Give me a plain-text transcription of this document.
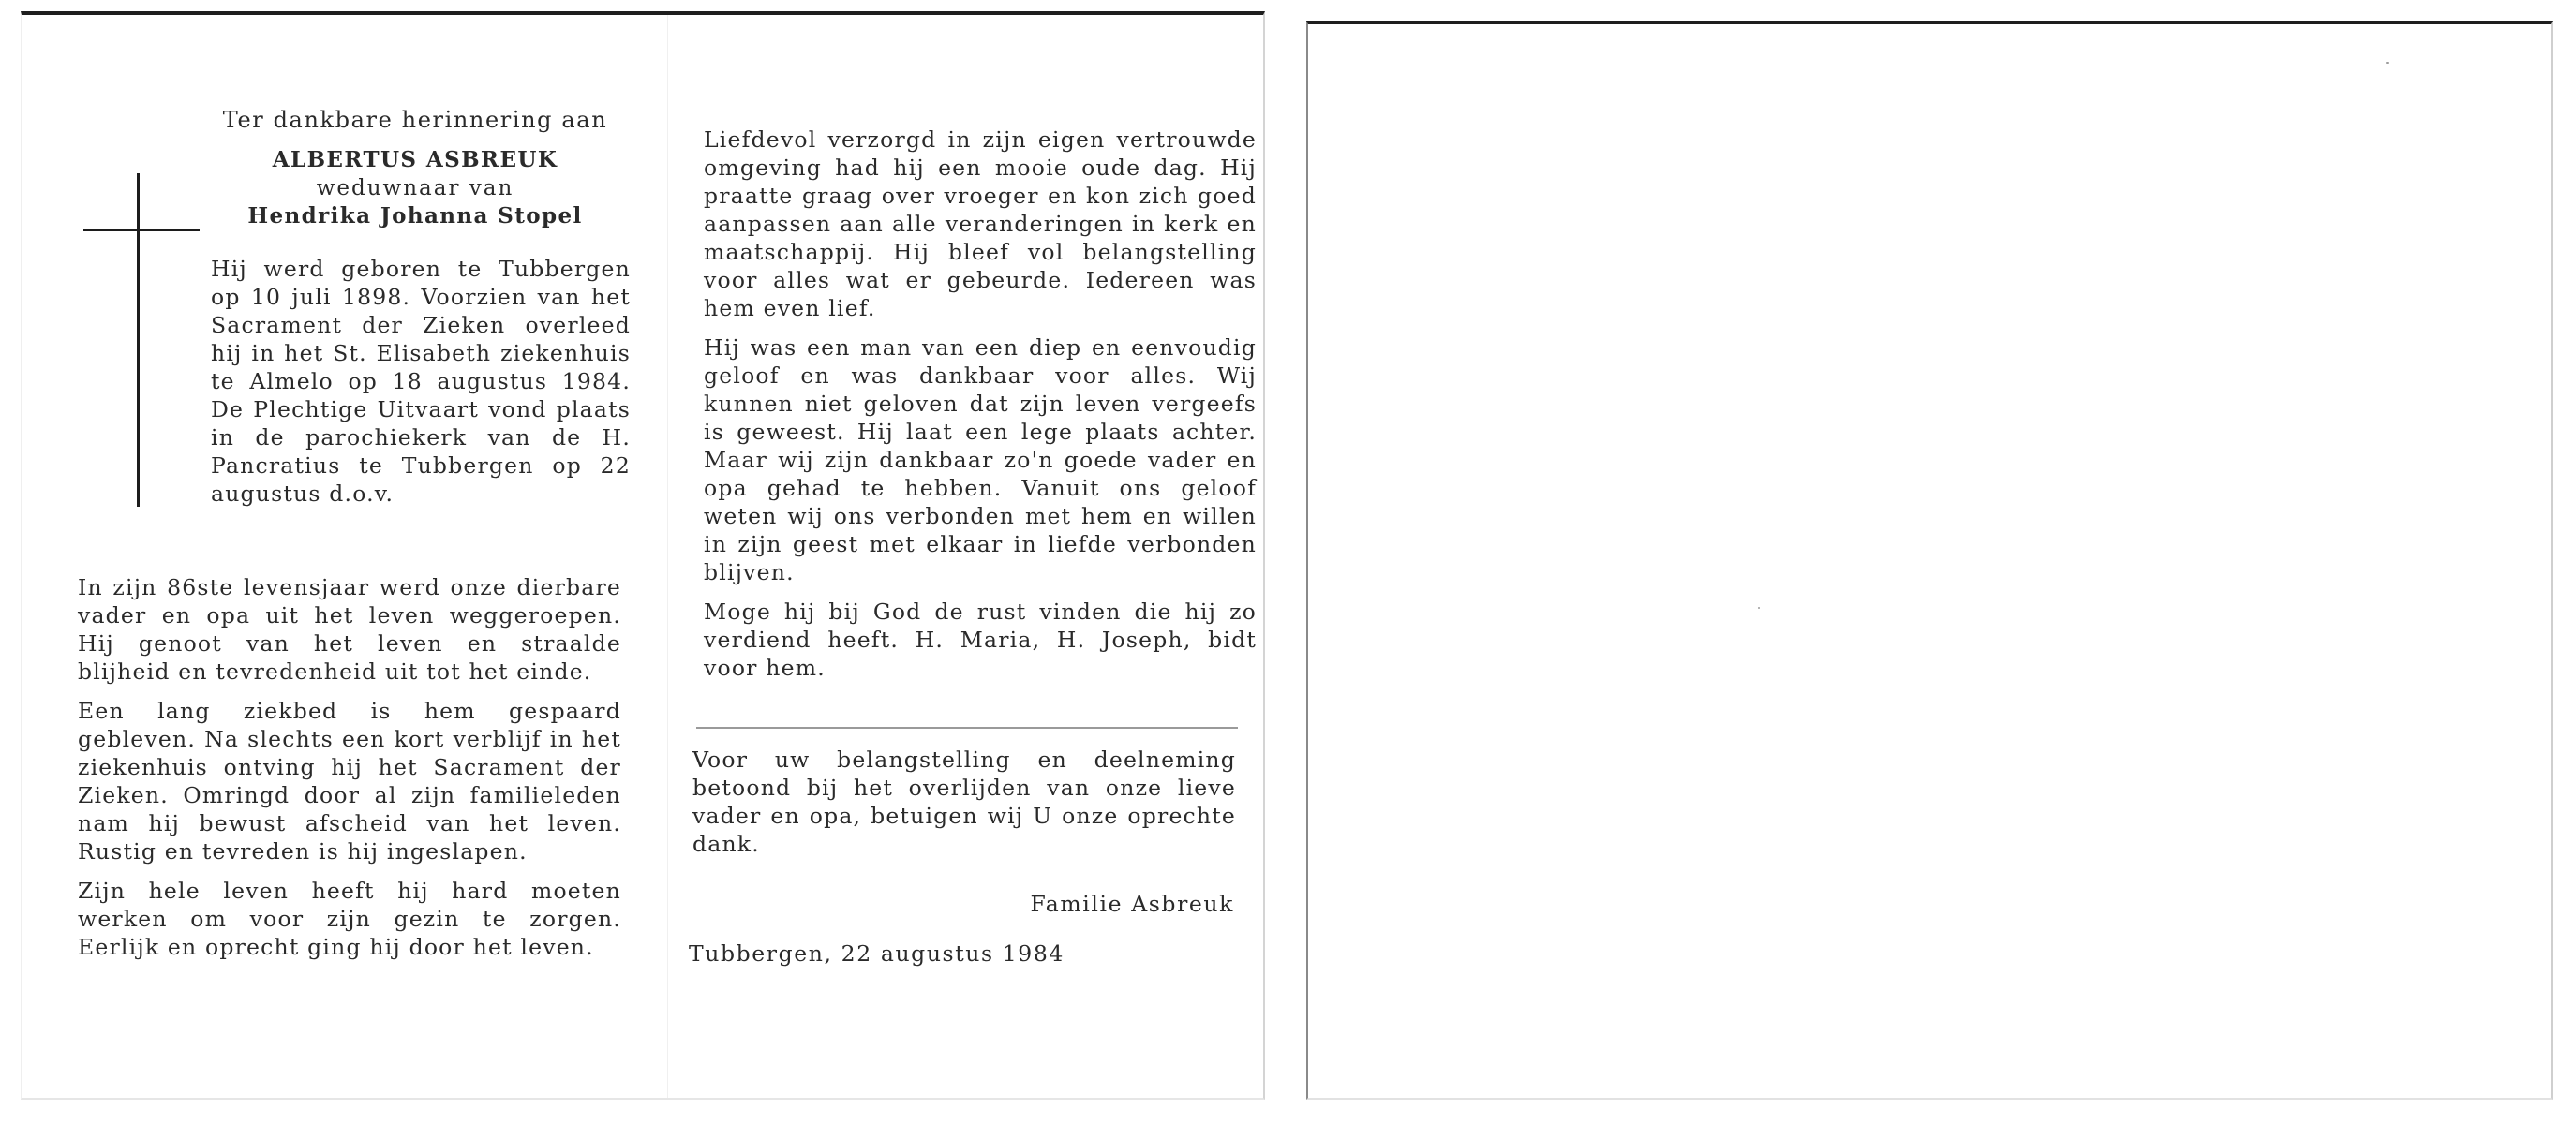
Ter dankbare herinnering aan
ALBERTUS ASBREUK
weduwnaar van
Hendrika Johanna Stopel

Hij werd geboren te Tubbergen op 10 juli 1898. Voorzien van het Sacrament der Zieken overleed hij in het St. Elisabeth ziekenhuis te Almelo op 18 augustus 1984. De Plechtige Uitvaart vond plaats in de parochiekerk van de H. Pancratius te Tubbergen op 22 augustus d.o.v.

In zijn 86ste levensjaar werd onze dierbare vader en opa uit het leven weggeroepen. Hij genoot van het leven en straalde blijheid en tevredenheid uit tot het einde.

Een lang ziekbed is hem gespaard gebleven. Na slechts een kort verblijf in het ziekenhuis ontving hij het Sacrament der Zieken. Omringd door al zijn familieleden nam hij bewust afscheid van het leven. Rustig en tevreden is hij ingeslapen.

Zijn hele leven heeft hij hard moeten werken om voor zijn gezin te zorgen. Eerlijk en oprecht ging hij door het leven.

Liefdevol verzorgd in zijn eigen vertrouwde omgeving had hij een mooie oude dag. Hij praatte graag over vroeger en kon zich goed aanpassen aan alle veranderingen in kerk en maatschappij. Hij bleef vol belangstelling voor alles wat er gebeurde. Iedereen was hem even lief.

Hij was een man van een diep en eenvoudig geloof en was dankbaar voor alles. Wij kunnen niet geloven dat zijn leven vergeefs is geweest. Hij laat een lege plaats achter. Maar wij zijn dankbaar zo'n goede vader en opa gehad te hebben. Vanuit ons geloof weten wij ons verbonden met hem en willen in zijn geest met elkaar in liefde verbonden blijven.

Moge hij bij God de rust vinden die hij zo verdiend heeft. H. Maria, H. Joseph, bidt voor hem.

Voor uw belangstelling en deelneming betoond bij het overlijden van onze lieve vader en opa, betuigen wij U onze oprechte dank.

Familie Asbreuk
Tubbergen, 22 augustus 1984
